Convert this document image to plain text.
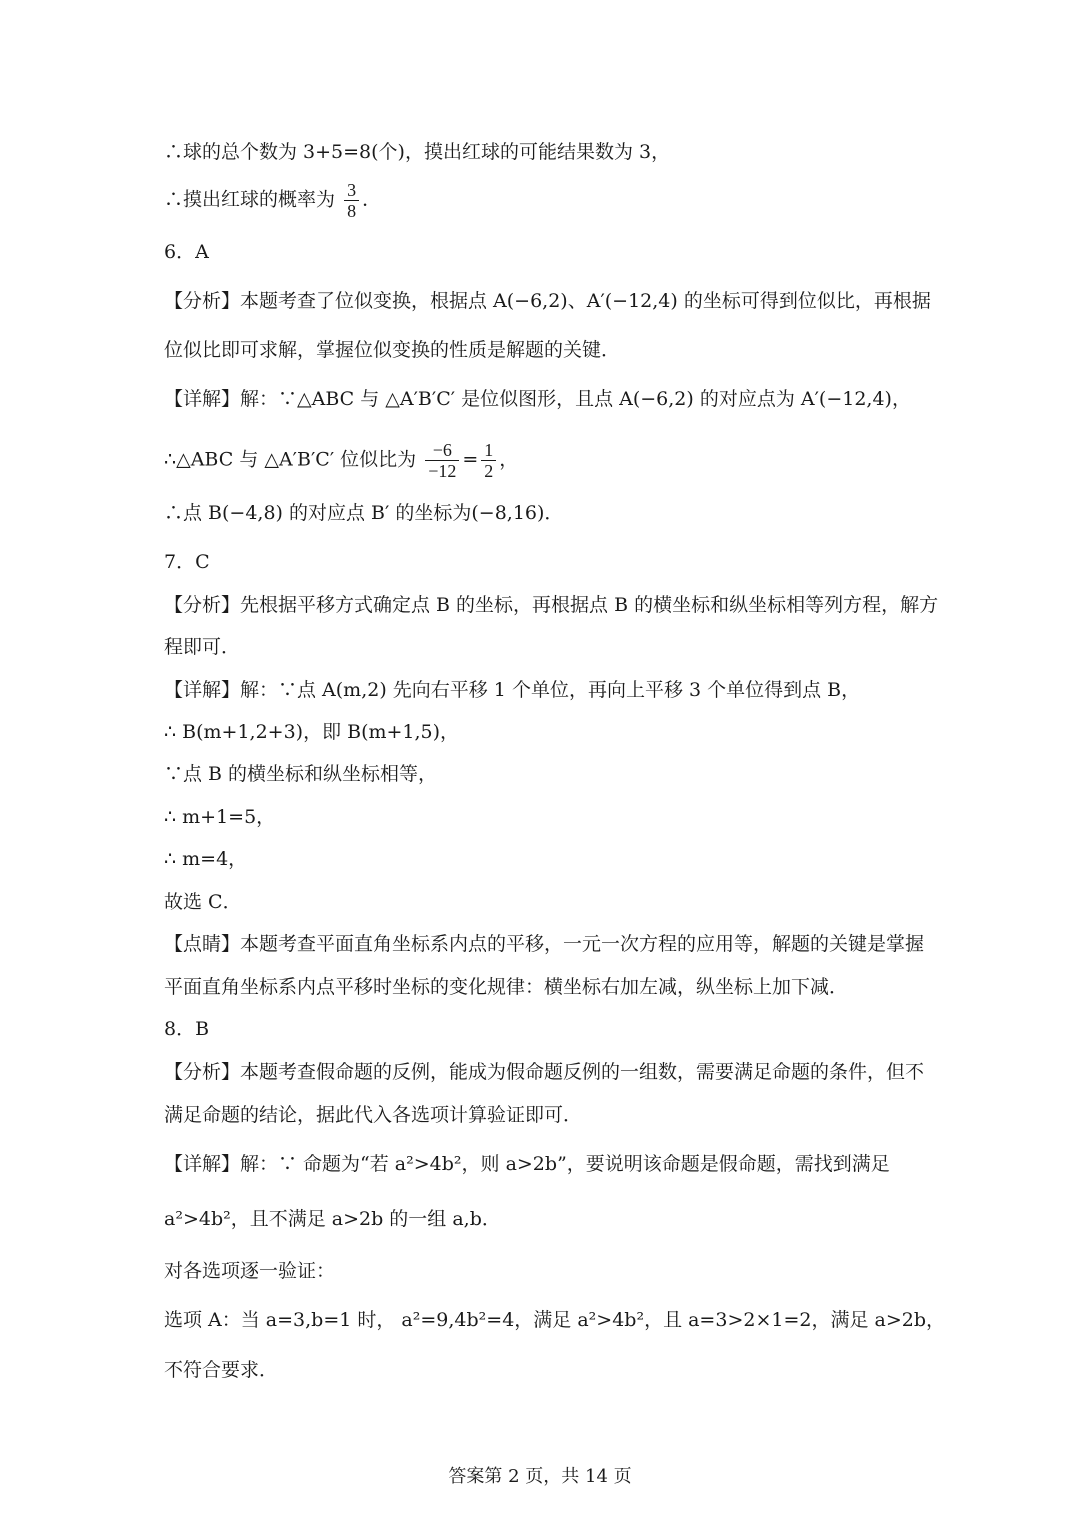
∴球的总个数为 3+5=8(个)，摸出红球的可能结果数为 3，
∴摸出红球的概率为 $\frac{3}{8}$ ．
6．A
【分析】本题考查了位似变换，根据点 A(−6,2)、A′(−12,4) 的坐标可得到位似比，再根据
位似比即可求解，掌握位似变换的性质是解题的关键．
【详解】解：∵△ABC 与 △A′B′C′ 是位似图形，且点 A(−6,2) 的对应点为 A′(−12,4)，
∴△ABC 与 △A′B′C′ 位似比为 $\frac{-6}{-12} = \frac{1}{2}$ ，
∴点 B(−4,8) 的对应点 B′ 的坐标为(−8,16)．
7．C
【分析】先根据平移方式确定点 B 的坐标，再根据点 B 的横坐标和纵坐标相等列方程，解方
程即可．
【详解】解：∵点 A(m,2) 先向右平移 1 个单位，再向上平移 3 个单位得到点 B，
∴ B(m+1,2+3)，即 B(m+1,5)，
∵点 B 的横坐标和纵坐标相等，
∴ m+1=5，
∴ m=4，
故选 C．
【点睛】本题考查平面直角坐标系内点的平移，一元一次方程的应用等，解题的关键是掌握
平面直角坐标系内点平移时坐标的变化规律：横坐标右加左减，纵坐标上加下减．
8．B
【分析】本题考查假命题的反例，能成为假命题反例的一组数，需要满足命题的条件，但不
满足命题的结论，据此代入各选项计算验证即可．
【详解】解：∵ 命题为“若 a²>4b²，则 a>2b”，要说明该命题是假命题，需找到满足
a²>4b²，且不满足 a>2b 的一组 a,b．
对各选项逐一验证：
选项 A：当 a=3,b=1 时， a²=9,4b²=4，满足 a²>4b²，且 a=3>2×1=2，满足 a>2b，
不符合要求．
答案第 2 页，共 14 页
